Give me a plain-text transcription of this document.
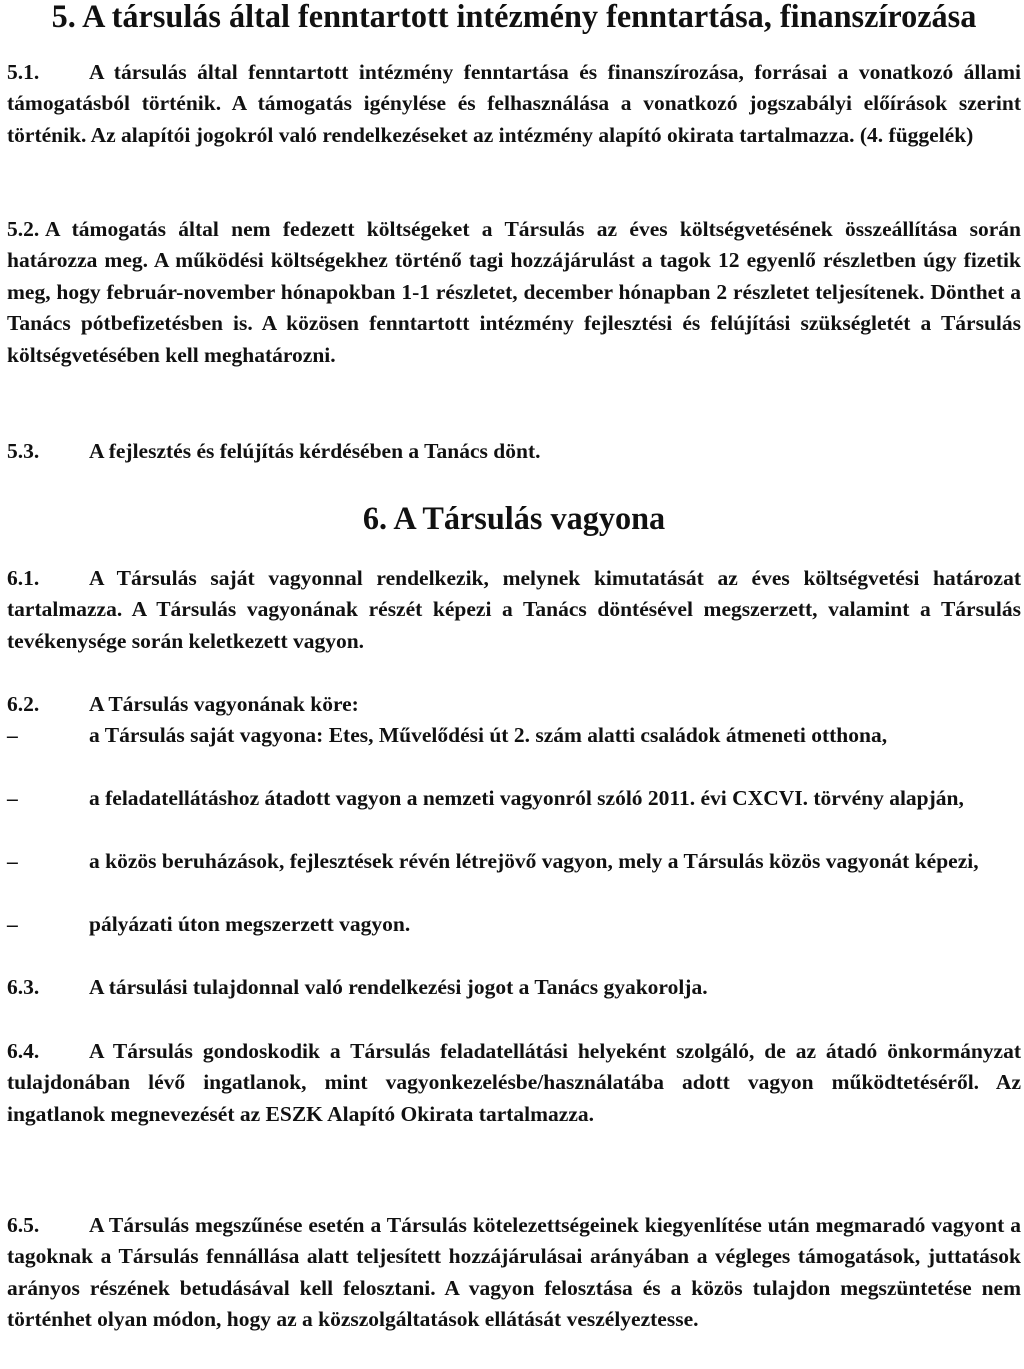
5. A társulás által fenntartott intézmény fenntartása, finanszírozása

5.1. A társulás által fenntartott intézmény fenntartása és finanszírozása, forrásai a vonatkozó állami támogatásból történik. A támogatás igénylése és felhasználása a vonatkozó jogszabályi előírások szerint történik. Az alapítói jogokról való rendelkezéseket az intézmény alapító okirata tartalmazza. (4. függelék)

5.2. A támogatás által nem fedezett költségeket a Társulás az éves költségvetésének összeállítása során határozza meg. A működési költségekhez történő tagi hozzájárulást a tagok 12 egyenlő részletben úgy fizetik meg, hogy február-november hónapokban 1-1 részletet, december hónapban 2 részletet teljesítenek. Dönthet a Tanács pótbefizetésben is. A közösen fenntartott intézmény fejlesztési és felújítási szükségletét a Társulás költségvetésében kell meghatározni.

5.3. A fejlesztés és felújítás kérdésében a Tanács dönt.

6. A Társulás vagyona

6.1. A Társulás saját vagyonnal rendelkezik, melynek kimutatását az éves költségvetési határozat tartalmazza. A Társulás vagyonának részét képezi a Tanács döntésével megszerzett, valamint a Társulás tevékenysége során keletkezett vagyon.

6.2. A Társulás vagyonának köre:

–	a Társulás saját vagyona: Etes, Művelődési út 2. szám alatti családok átmeneti otthona,

–	a feladatellátáshoz átadott vagyon a nemzeti vagyonról szóló 2011. évi CXCVI. törvény alapján,

–	a közös beruházások, fejlesztések révén létrejövő vagyon, mely a Társulás közös vagyonát képezi,

–	pályázati úton megszerzett vagyon.

6.3. A társulási tulajdonnal való rendelkezési jogot a Tanács gyakorolja.

6.4. A Társulás gondoskodik a Társulás feladatellátási helyeként szolgáló, de az átadó önkormányzat tulajdonában lévő ingatlanok, mint vagyonkezelésbe/használatába adott vagyon működtetéséről. Az ingatlanok megnevezését az ESZK Alapító Okirata tartalmazza.

6.5. A Társulás megszűnése esetén a Társulás kötelezettségeinek kiegyenlítése után megmaradó vagyont a tagoknak a Társulás fennállása alatt teljesített hozzájárulásai arányában a végleges támogatások, juttatások arányos részének betudásával kell felosztani. A vagyon felosztása és a közös tulajdon megszüntetése nem történhet olyan módon, hogy az a közszolgáltatások ellátását veszélyeztesse.
